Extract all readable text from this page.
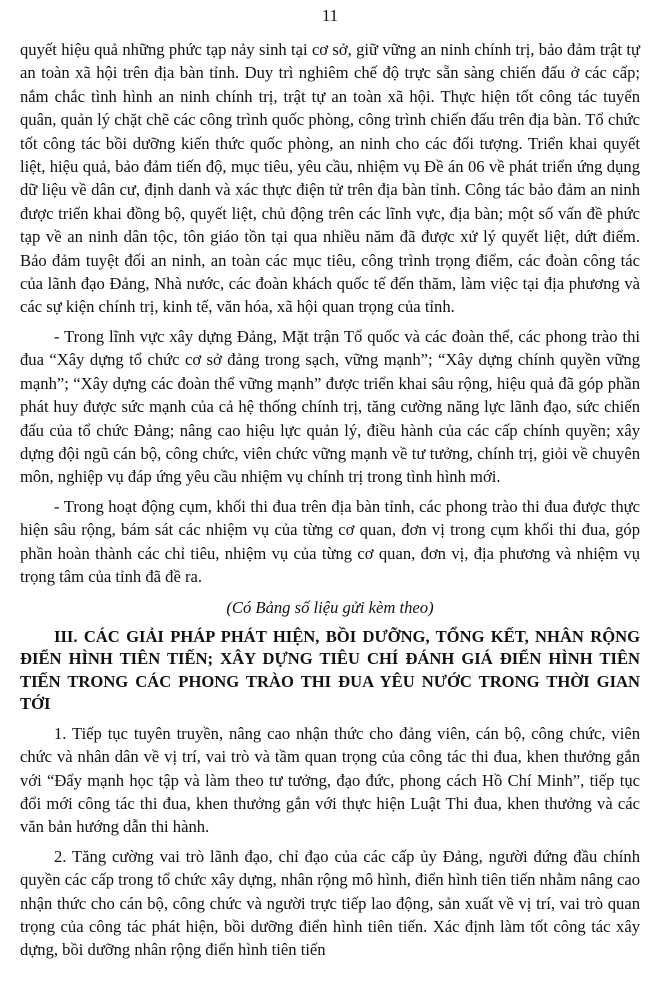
11

quyết hiệu quả những phức tạp nảy sinh tại cơ sở, giữ vững an ninh chính trị, bảo đảm trật tự an toàn xã hội trên địa bàn tỉnh. Duy trì nghiêm chế độ trực sẵn sàng chiến đấu ở các cấp; nắm chắc tình hình an ninh chính trị, trật tự an toàn xã hội. Thực hiện tốt công tác tuyển quân, quản lý chặt chẽ các công trình quốc phòng, công trình chiến đấu trên địa bàn. Tổ chức tốt công tác bồi dưỡng kiến thức quốc phòng, an ninh cho các đối tượng. Triển khai quyết liệt, hiệu quả, bảo đảm tiến độ, mục tiêu, yêu cầu, nhiệm vụ Đề án 06 về phát triển ứng dụng dữ liệu về dân cư, định danh và xác thực điện tử trên địa bàn tỉnh. Công tác bảo đảm an ninh được triển khai đồng bộ, quyết liệt, chủ động trên các lĩnh vực, địa bàn; một số vấn đề phức tạp về an ninh dân tộc, tôn giáo tồn tại qua nhiều năm đã được xử lý quyết liệt, dứt điểm. Bảo đảm tuyệt đối an ninh, an toàn các mục tiêu, công trình trọng điểm, các đoàn công tác của lãnh đạo Đảng, Nhà nước, các đoàn khách quốc tế đến thăm, làm việc tại địa phương và các sự kiện chính trị, kinh tế, văn hóa, xã hội quan trọng của tỉnh.

- Trong lĩnh vực xây dựng Đảng, Mặt trận Tổ quốc và các đoàn thể, các phong trào thi đua “Xây dựng tổ chức cơ sở đảng trong sạch, vững mạnh”; “Xây dựng chính quyền vững mạnh”; “Xây dựng các đoàn thể vững mạnh” được triển khai sâu rộng, hiệu quả đã góp phần phát huy được sức mạnh của cả hệ thống chính trị, tăng cường năng lực lãnh đạo, sức chiến đấu của tổ chức Đảng; nâng cao hiệu lực quản lý, điều hành của các cấp chính quyền; xây dựng đội ngũ cán bộ, công chức, viên chức vững mạnh về tư tưởng, chính trị, giỏi về chuyên môn, nghiệp vụ đáp ứng yêu cầu nhiệm vụ chính trị trong tình hình mới.

- Trong hoạt động cụm, khối thi đua trên địa bàn tỉnh, các phong trào thi đua được thực hiện sâu rộng, bám sát các nhiệm vụ của từng cơ quan, đơn vị trong cụm khối thi đua, góp phần hoàn thành các chỉ tiêu, nhiệm vụ của từng cơ quan, đơn vị, địa phương và nhiệm vụ trọng tâm của tỉnh đã đề ra.

(Có Bảng số liệu gửi kèm theo)

III. CÁC GIẢI PHÁP PHÁT HIỆN, BỒI DƯỠNG, TỔNG KẾT, NHÂN RỘNG ĐIỂN HÌNH TIÊN TIẾN; XÂY DỰNG TIÊU CHÍ ĐÁNH GIÁ ĐIỂN HÌNH TIÊN TIẾN TRONG CÁC PHONG TRÀO THI ĐUA YÊU NƯỚC TRONG THỜI GIAN TỚI

1. Tiếp tục tuyên truyền, nâng cao nhận thức cho đảng viên, cán bộ, công chức, viên chức và nhân dân về vị trí, vai trò và tầm quan trọng của công tác thi đua, khen thưởng gắn với “Đẩy mạnh học tập và làm theo tư tưởng, đạo đức, phong cách Hồ Chí Minh”, tiếp tục đổi mới công tác thi đua, khen thưởng gắn với thực hiện Luật Thi đua, khen thưởng và các văn bản hướng dẫn thi hành.

2. Tăng cường vai trò lãnh đạo, chỉ đạo của các cấp ủy Đảng, người đứng đầu chính quyền các cấp trong tổ chức xây dựng, nhân rộng mô hình, điển hình tiên tiến nhằm nâng cao nhận thức cho cán bộ, công chức và người trực tiếp lao động, sản xuất về vị trí, vai trò quan trọng của công tác phát hiện, bồi dưỡng điển hình tiên tiến. Xác định làm tốt công tác xây dựng, bồi dưỡng nhân rộng điển hình tiên tiến
